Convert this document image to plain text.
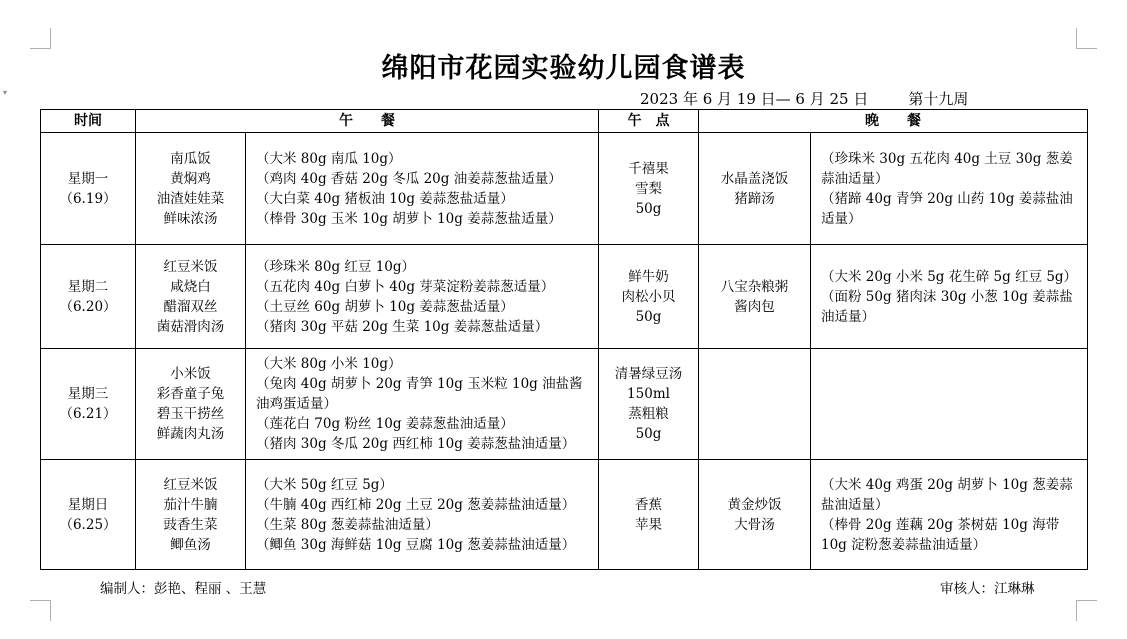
▾
绵阳市花园实验幼儿园食谱表
2023 年 6 月 19 日— 6 月 25 日	第十九周
时间	午　　餐		午　点	晚　　餐	

星期一
（6.19）	南瓜饭
黄焖鸡
油渣娃娃菜
鲜味浓汤	（大米 80g 南瓜 10g）
（鸡肉 40g 香菇 20g 冬瓜 20g 油姜蒜葱盐适量）
（大白菜 40g 猪板油 10g 姜蒜葱盐适量）
（棒骨 30g 玉米 10g 胡萝卜 10g 姜蒜葱盐适量）	千禧果
雪梨
50g	水晶盖浇饭
猪蹄汤	（珍珠米 30g 五花肉 40g 土豆 30g 葱姜蒜油适量）
（猪蹄 40g 青笋 20g 山药 10g 姜蒜盐油适量）

星期二
（6.20）	红豆米饭
咸烧白
醋溜双丝
菌菇滑肉汤	（珍珠米 80g 红豆 10g）
（五花肉 40g 白萝卜 40g 芽菜淀粉姜蒜葱适量）
（土豆丝 60g 胡萝卜 10g 姜蒜葱盐适量）
（猪肉 30g 平菇 20g 生菜 10g 姜蒜葱盐适量）	鲜牛奶
肉松小贝
50g	八宝杂粮粥
酱肉包	（大米 20g 小米 5g 花生碎 5g 红豆 5g）
（面粉 50g 猪肉沫 30g 小葱 10g 姜蒜盐油适量）

星期三
（6.21）	小米饭
彩香童子兔
碧玉干捞丝
鲜蔬肉丸汤	（大米 80g 小米 10g）
（兔肉 40g 胡萝卜 20g 青笋 10g 玉米粒 10g 油盐酱油鸡蛋适量）
（莲花白 70g 粉丝 10g 姜蒜葱盐油适量）
（猪肉 30g 冬瓜 20g 西红柿 10g 姜蒜葱盐油适量）	清暑绿豆汤
150ml
蒸粗粮
50g		

星期日
（6.25）	红豆米饭
茄汁牛腩
豉香生菜
鲫鱼汤	（大米 50g 红豆 5g）
（牛腩 40g 西红柿 20g 土豆 20g 葱姜蒜盐油适量）
（生菜 80g 葱姜蒜盐油适量）
（鲫鱼 30g 海鲜菇 10g 豆腐 10g 葱姜蒜盐油适量）	香蕉
苹果	黄金炒饭
大骨汤	（大米 40g 鸡蛋 20g 胡萝卜 10g 葱姜蒜盐油适量）
（棒骨 20g 莲藕 20g 茶树菇 10g 海带 10g 淀粉葱姜蒜盐油适量）
编制人：彭艳、程丽 、王慧	审核人：江琳琳
